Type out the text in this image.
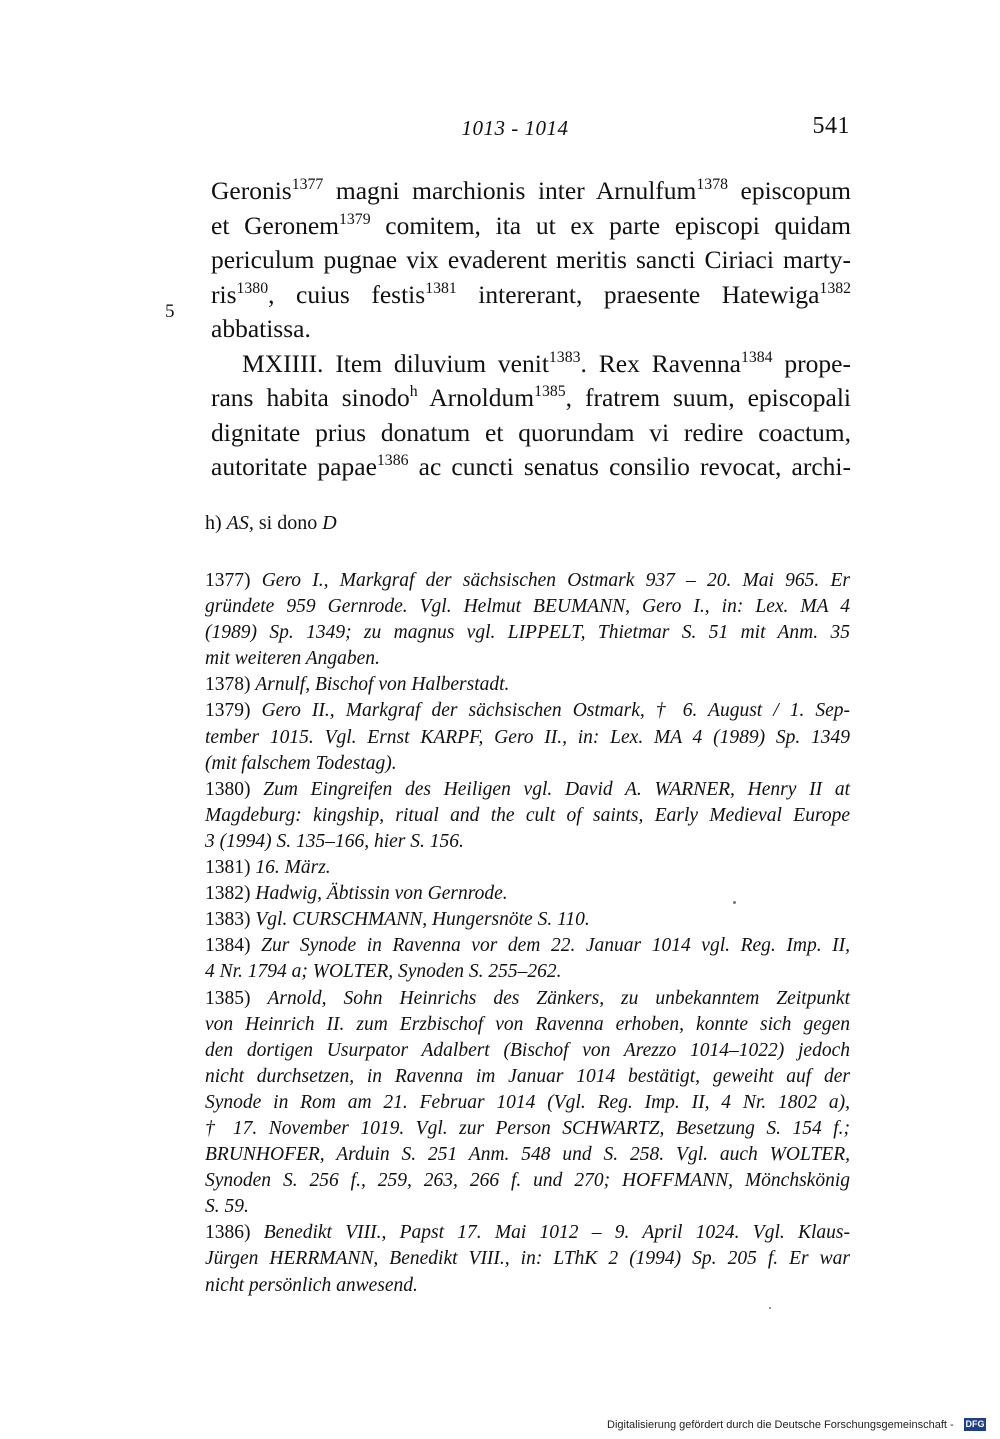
1013 - 1014	541
Geronis$^{1377}$ magni marchionis inter Arnulfum$^{1378}$ episcopum
et Geronem$^{1379}$ comitem, ita ut ex parte episcopi quidam
periculum pugnae vix evaderent meritis sancti Ciriaci marty-
ris$^{1380}$, cuius festis$^{1381}$ intererant, praesente Hatewiga$^{1382}$
abbatissa.
MXIIII. Item diluvium venit$^{1383}$. Rex Ravenna$^{1384}$ prope-
rans habita sinodo$^h$ Arnoldum$^{1385}$, fratrem suum, episcopali
dignitate prius donatum et quorundam vi redire coactum,
autoritate papae$^{1386}$ ac cuncti senatus consilio revocat, archi-
5
h) AS, si dono D
1377) Gero I., Markgraf der sächsischen Ostmark 937 – 20. Mai 965. Er
gründete 959 Gernrode. Vgl. Helmut BEUMANN, Gero I., in: Lex. MA 4
(1989) Sp. 1349; zu magnus vgl. LIPPELT, Thietmar S. 51 mit Anm. 35
mit weiteren Angaben.
1378) Arnulf, Bischof von Halberstadt.
1379) Gero II., Markgraf der sächsischen Ostmark, † 6. August / 1. Sep-
tember 1015. Vgl. Ernst KARPF, Gero II., in: Lex. MA 4 (1989) Sp. 1349
(mit falschem Todestag).
1380) Zum Eingreifen des Heiligen vgl. David A. WARNER, Henry II at
Magdeburg: kingship, ritual and the cult of saints, Early Medieval Europe
3 (1994) S. 135–166, hier S. 156.
1381) 16. März.
1382) Hadwig, Äbtissin von Gernrode.
1383) Vgl. CURSCHMANN, Hungersnöte S. 110.
1384) Zur Synode in Ravenna vor dem 22. Januar 1014 vgl. Reg. Imp. II,
4 Nr. 1794 a; WOLTER, Synoden S. 255–262.
1385) Arnold, Sohn Heinrichs des Zänkers, zu unbekanntem Zeitpunkt
von Heinrich II. zum Erzbischof von Ravenna erhoben, konnte sich gegen
den dortigen Usurpator Adalbert (Bischof von Arezzo 1014–1022) jedoch
nicht durchsetzen, in Ravenna im Januar 1014 bestätigt, geweiht auf der
Synode in Rom am 21. Februar 1014 (Vgl. Reg. Imp. II, 4 Nr. 1802 a),
† 17. November 1019. Vgl. zur Person SCHWARTZ, Besetzung S. 154 f.;
BRUNHOFER, Arduin S. 251 Anm. 548 und S. 258. Vgl. auch WOLTER,
Synoden S. 256 f., 259, 263, 266 f. und 270; HOFFMANN, Mönchskönig
S. 59.
1386) Benedikt VIII., Papst 17. Mai 1012 – 9. April 1024. Vgl. Klaus-
Jürgen HERRMANN, Benedikt VIII., in: LThK 2 (1994) Sp. 205 f. Er war
nicht persönlich anwesend.
Digitalisierung gefördert durch die Deutsche Forschungsgemeinschaft - DFG
